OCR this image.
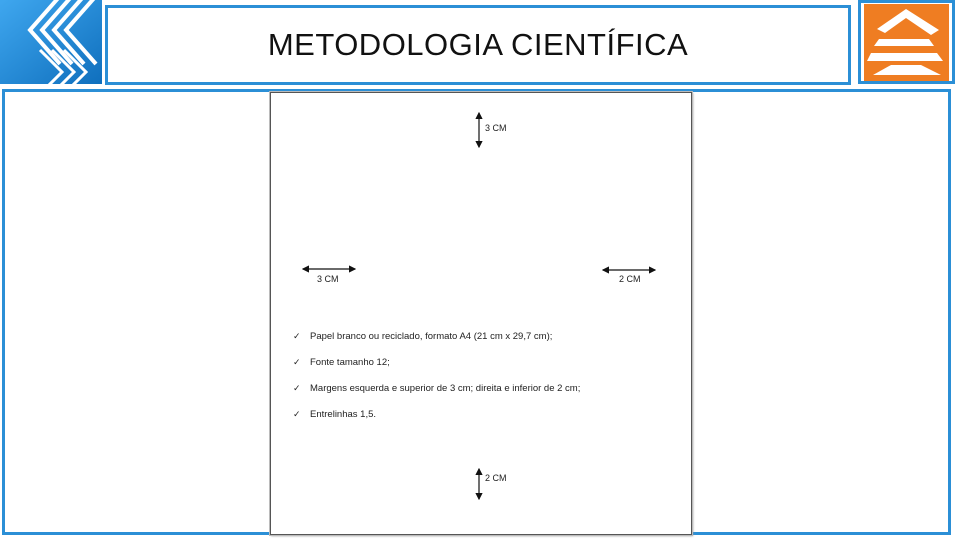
METODOLOGIA CIENTÍFICA
3 CM
3 CM	2 CM
2 CM
✓ Papel branco ou reciclado, formato A4 (21 cm x 29,7 cm);
✓ Fonte tamanho 12;
✓ Margens esquerda e superior de 3 cm; direita e inferior de 2 cm;
✓ Entrelinhas 1,5.
